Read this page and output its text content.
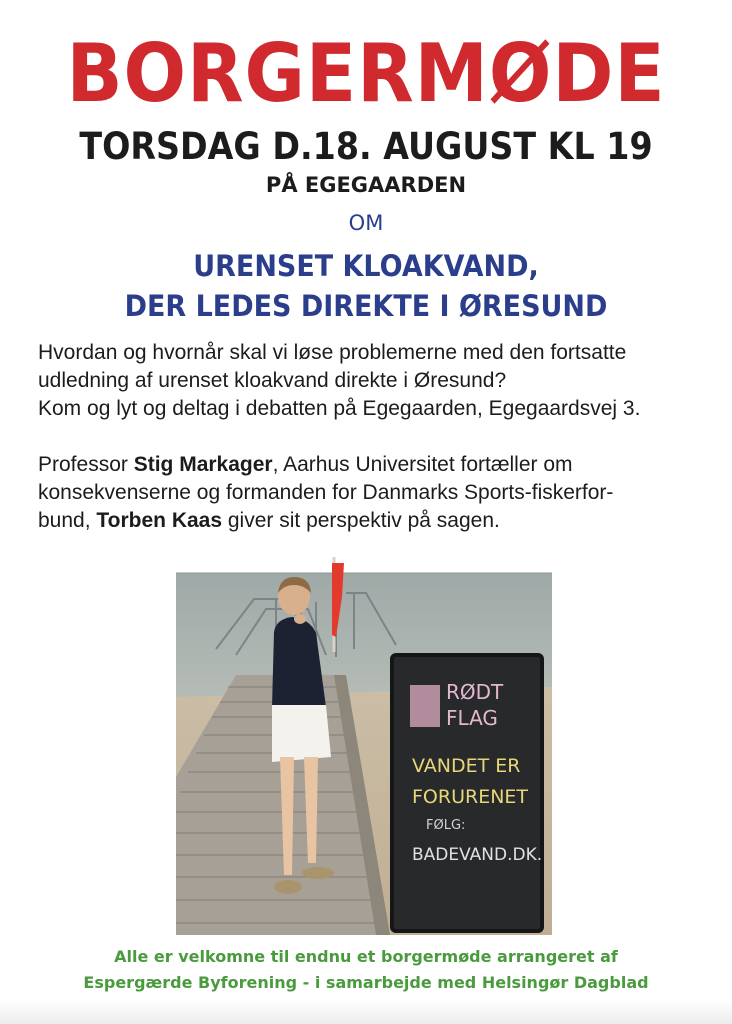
BORGERMØDE
TORSDAG D.18. AUGUST KL 19
PÅ EGEGAARDEN
OM
URENSET KLOAKVAND,
DER LEDES DIREKTE I ØRESUND
Hvordan og hvornår skal vi løse problemerne med den fortsatte
udledning af urenset kloakvand direkte i Øresund?
Kom og lyt og deltag i debatten på Egegaarden, Egegaardsvej 3.
Professor Stig Markager, Aarhus Universitet fortæller om
konsekvenserne og formanden for Danmarks Sports-fiskerfor-
bund, Torben Kaas giver sit perspektiv på sagen.
RØDT
FLAG
VANDET ER
FORURENET
FØLG:
BADEVAND.DK.
Alle er velkomne til endnu et borgermøde arrangeret af
Espergærde Byforening - i samarbejde med Helsingør Dagblad
